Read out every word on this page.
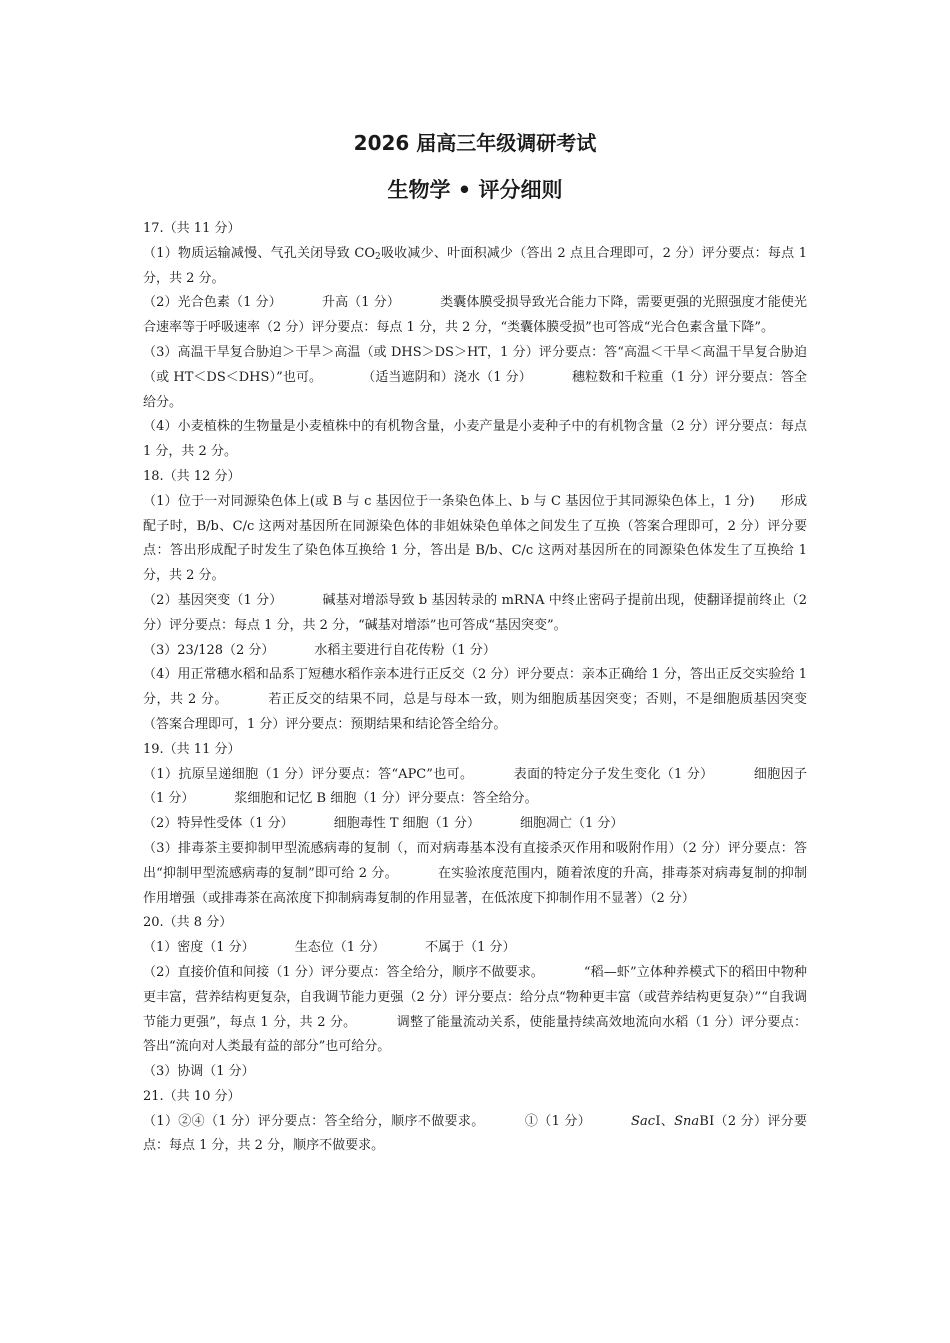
2026 届高三年级调研考试
生物学 • 评分细则

17.（共 11 分）

（1）物质运输减慢、气孔关闭导致 $CO_2$吸收减少、叶面积减少（答出 2 点且合理即可，2 分）评分要点：每点 1 分，共 2 分。

（2）光合色素（1 分）	升高（1 分）	类囊体膜受损导致光合能力下降，需要更强的光照强度才能使光合速率等于呼吸速率（2 分）评分要点：每点 1 分，共 2 分，“类囊体膜受损”也可答成“光合色素含量下降”。

（3）高温干旱复合胁迫＞干旱＞高温（或 DHS＞DS＞HT，1 分）评分要点：答“高温＜干旱＜高温干旱复合胁迫（或 HT＜DS＜DHS）”也可。	（适当遮阴和）浇水（1 分）	穗粒数和千粒重（1 分）评分要点：答全给分。

（4）小麦植株的生物量是小麦植株中的有机物含量，小麦产量是小麦种子中的有机物含量（2 分）评分要点：每点 1 分，共 2 分。

18.（共 12 分）

（1）位于一对同源染色体上(或 B 与 c 基因位于一条染色体上、b 与 C 基因位于其同源染色体上，1 分) 形成配子时，B/b、C/c 这两对基因所在同源染色体的非姐妹染色单体之间发生了互换（答案合理即可，2 分）评分要点：答出形成配子时发生了染色体互换给 1 分，答出是 B/b、C/c 这两对基因所在的同源染色体发生了互换给 1 分，共 2 分。

（2）基因突变（1 分）	碱基对增添导致 b 基因转录的 mRNA 中终止密码子提前出现，使翻译提前终止（2 分）评分要点：每点 1 分，共 2 分，“碱基对增添”也可答成“基因突变”。

（3）23/128（2 分）	水稻主要进行自花传粉（1 分）

（4）用正常穗水稻和品系丁短穗水稻作亲本进行正反交（2 分）评分要点：亲本正确给 1 分，答出正反交实验给 1 分，共 2 分。	若正反交的结果不同，总是与母本一致，则为细胞质基因突变；否则，不是细胞质基因突变（答案合理即可，1 分）评分要点：预期结果和结论答全给分。

19.（共 11 分）

（1）抗原呈递细胞（1 分）评分要点：答“APC”也可。	表面的特定分子发生变化（1 分）	细胞因子（1 分）	浆细胞和记忆 B 细胞（1 分）评分要点：答全给分。

（2）特异性受体（1 分）	细胞毒性 T 细胞（1 分）	细胞凋亡（1 分）

（3）排毒茶主要抑制甲型流感病毒的复制（，而对病毒基本没有直接杀灭作用和吸附作用）（2 分）评分要点：答出“抑制甲型流感病毒的复制”即可给 2 分。	在实验浓度范围内，随着浓度的升高，排毒茶对病毒复制的抑制作用增强（或排毒茶在高浓度下抑制病毒复制的作用显著，在低浓度下抑制作用不显著）（2 分）

20.（共 8 分）

（1）密度（1 分）	生态位（1 分）	不属于（1 分）

（2）直接价值和间接（1 分）评分要点：答全给分，顺序不做要求。	“稻—虾”立体种养模式下的稻田中物种更丰富，营养结构更复杂，自我调节能力更强（2 分）评分要点：给分点“物种更丰富（或营养结构更复杂）”“自我调节能力更强”，每点 1 分，共 2 分。	调整了能量流动关系，使能量持续高效地流向水稻（1 分）评分要点：答出“流向对人类最有益的部分”也可给分。

（3）协调（1 分）

21.（共 10 分）

（1）②④（1 分）评分要点：答全给分，顺序不做要求。	①（1 分）	SacⅠ、SnaBⅠ（2 分）评分要点：每点 1 分，共 2 分，顺序不做要求。
